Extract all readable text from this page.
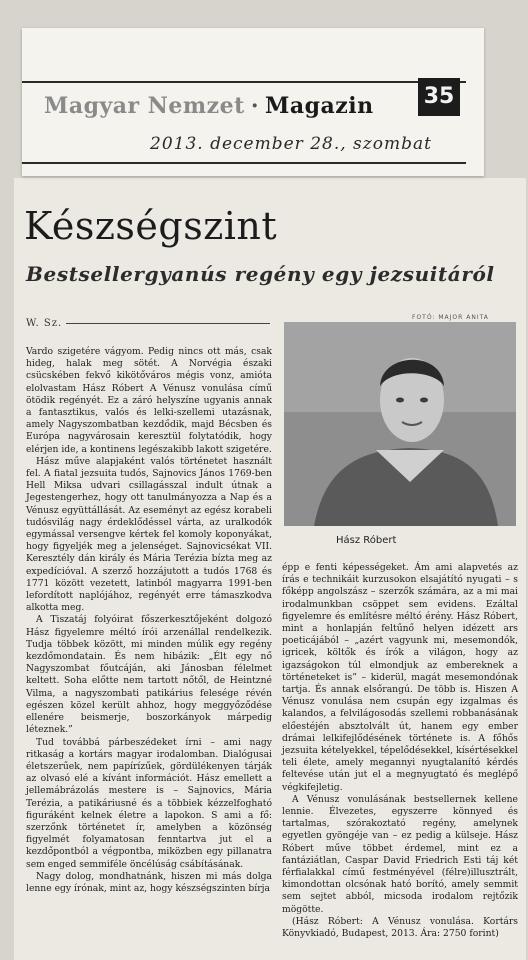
Magyar Nemzet · Magazin 35
2013. december 28., szombat
Készségszint
Bestsellergyanús regény egy jezsuitáról
W. Sz.
FOTÓ: MAJOR ANITA
Hász Róbert

Vardo szigetére vágyom. Pedig nincs ott más, csak hideg, halak meg sötét. A Norvégia északi csücskében fekvő kikötőváros mégis vonz, amióta elolvastam Hász Róbert A Vénusz vonulása című ötödik regényét. Ez a záró helyszíne ugyanis annak a fantasztikus, valós és lelki-szellemi utazásnak, amely Nagyszombatban kezdődik, majd Bécsben és Európa nagyvárosain keresztül folytatódik, hogy elérjen ide, a kontinens legészakibb lakott szigetére.

Hász műve alapjaként valós történetet használt fel. A fiatal jezsuita tudós, Sajnovics János 1769-ben Hell Miksa udvari csillagásszal indult útnak a Jegestengerhez, hogy ott tanulmányozza a Nap és a Vénusz együttállását. Az eseményt az egész korabeli tudósvilág nagy érdeklődéssel várta, az uralkodók egymással versengve kértek fel komoly koponyákat, hogy figyeljék meg a jelenséget. Sajnovicsékat VII. Keresztély dán király és Mária Terézia bízta meg az expedícióval. A szerző hozzájutott a tudós 1768 és 1771 között vezetett, latinból magyarra 1991-ben lefordított naplójához, regényét erre támaszkodva alkotta meg.

A Tiszatáj folyóirat főszerkesztőjeként dolgozó Hász figyelemre méltó írói arzenállal rendelkezik. Tudja többek között, mi minden múlik egy regény kezdőmondatain. És nem hibázik: „Élt egy nő Nagyszombat főutcáján, aki Jánosban félelmet keltett. Soha előtte nem tartott nőtől, de Heintzné Vilma, a nagyszombati patikárius felesége révén egészen közel került ahhoz, hogy meggyőződése ellenére beismerje, boszorkányok márpedig léteznek.”

Tud továbbá párbeszédeket írni – ami nagy ritkaság a kortárs magyar irodalomban. Dialógusai életszerűek, nem papírízűek, gördülékenyen tárják az olvasó elé a kívánt információt. Hász emellett a jellemábrázolás mestere is – Sajnovics, Mária Terézia, a patikáriusné és a többiek kézzelfogható figuráként kelnek életre a lapokon. S ami a fő: szerzőnk történetet ír, amelyben a közönség figyelmét folyamatosan fenntartva jut el a kezdőpontból a végpontba, miközben egy pillanatra sem enged semmiféle öncélúság csábításának.

Nagy dolog, mondhatnánk, hiszen mi más dolga lenne egy írónak, mint az, hogy készségszinten bírja

épp e fenti képességeket. Ám ami alapvetés az írás e technikáit kurzusokon elsajátító nyugati – s főképp angolszász – szerzők számára, az a mi mai irodalmunkban csöppet sem evidens. Ezáltal figyelemre és említésre méltó érény. Hász Róbert, mint a honlapján feltűnő helyen idézett ars poeticájából – „azért vagyunk mi, mesemondók, igricek, költők és írók a világon, hogy az igazságokon túl elmondjuk az embereknek a történeteket is” – kiderül, magát mesemondónak tartja. És annak elsőrangú. De több is. Hiszen A Vénusz vonulása nem csupán egy izgalmas és kalandos, a felvilágosodás szellemi robbanásának előestéjén absztolvált út, hanem egy ember drámai lelkifejlődésének története is. A főhős jezsuita kételyekkel, tépelődésekkel, kísértésekkel teli élete, amely megannyi nyugtalanító kérdés feltevése után jut el a megnyugtató és meglépő végkifejletig.

A Vénusz vonulásának bestsellernek kellene lennie. Élvezetes, egyszerre könnyed és tartalmas, szórakoztató regény, amelynek egyetlen gyöngéje van – ez pedig a külseje. Hász Róbert műve többet érdemel, mint ez a fantáziátlan, Caspar David Friedrich Esti táj két férfialakkal című festményével (félre)illusztrált, kimondottan olcsónak ható borító, amely semmit sem sejtet abból, micsoda irodalom rejtőzik mögötte.

(Hász Róbert: A Vénusz vonulása. Kortárs Könyvkiadó, Budapest, 2013. Ára: 2750 forint)
